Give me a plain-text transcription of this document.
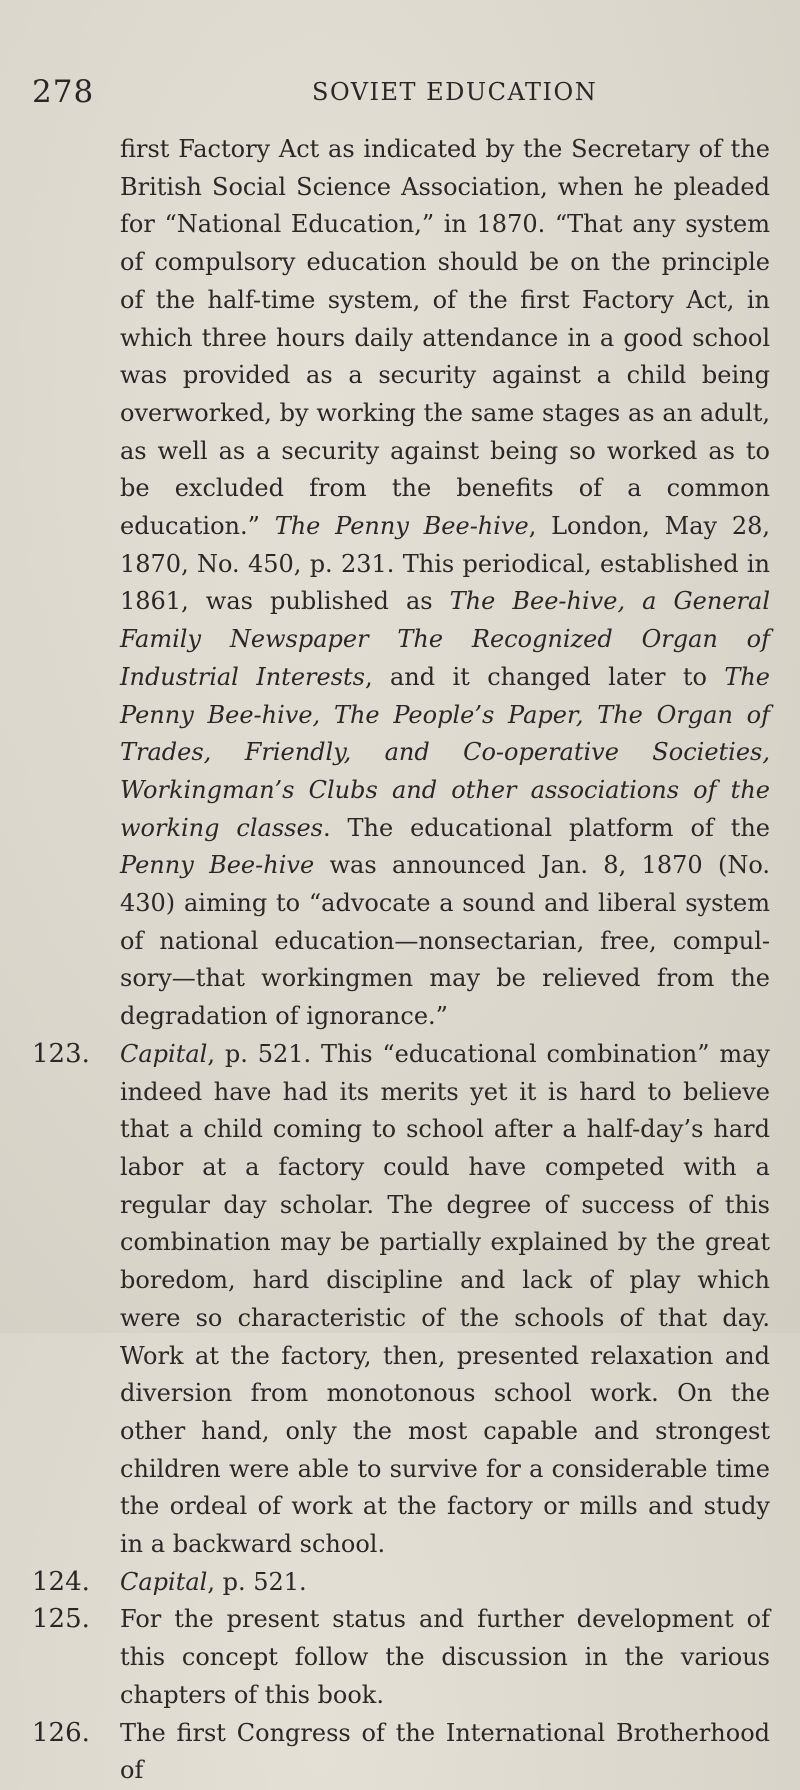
278	SOVIET EDUCATION
first Factory Act as indicated by the Secretary of the British Social Science Association, when he pleaded for “National Education,” in 1870. “That any system of compulsory education should be on the principle of the half-time system, of the first Factory Act, in which three hours daily attendance in a good school was provided as a security against a child being overworked, by working the same stages as an adult, as well as a security against being so worked as to be excluded from the benefits of a common education.” The Penny Bee-hive, London, May 28, 1870, No. 450, p. 231. This periodical, established in 1861, was published as The Bee-hive, a General Family Newspaper The Recognized Organ of Industrial Interests, and it changed later to The Penny Bee-hive, The People’s Paper, The Organ of Trades, Friendly, and Co-operative Societies, Workingman’s Clubs and other associations of the working classes. The educational platform of the Penny Bee-hive was announced Jan. 8, 1870 (No. 430) aiming to “advocate a sound and liberal system of national education—nonsectarian, free, compulsory—that workingmen may be relieved from the degradation of ignorance.”
123. Capital, p. 521. This “educational combination” may indeed have had its merits yet it is hard to believe that a child coming to school after a half-day’s hard labor at a factory could have competed with a regular day scholar. The degree of success of this combination may be partially explained by the great boredom, hard discipline and lack of play which were so characteristic of the schools of that day. Work at the factory, then, presented relaxation and diversion from monotonous school work. On the other hand, only the most capable and strongest children were able to survive for a considerable time the ordeal of work at the factory or mills and study in a backward school.
124. Capital, p. 521.
125. For the present status and further development of this concept follow the discussion in the various chapters of this book.
126. The first Congress of the International Brotherhood of
